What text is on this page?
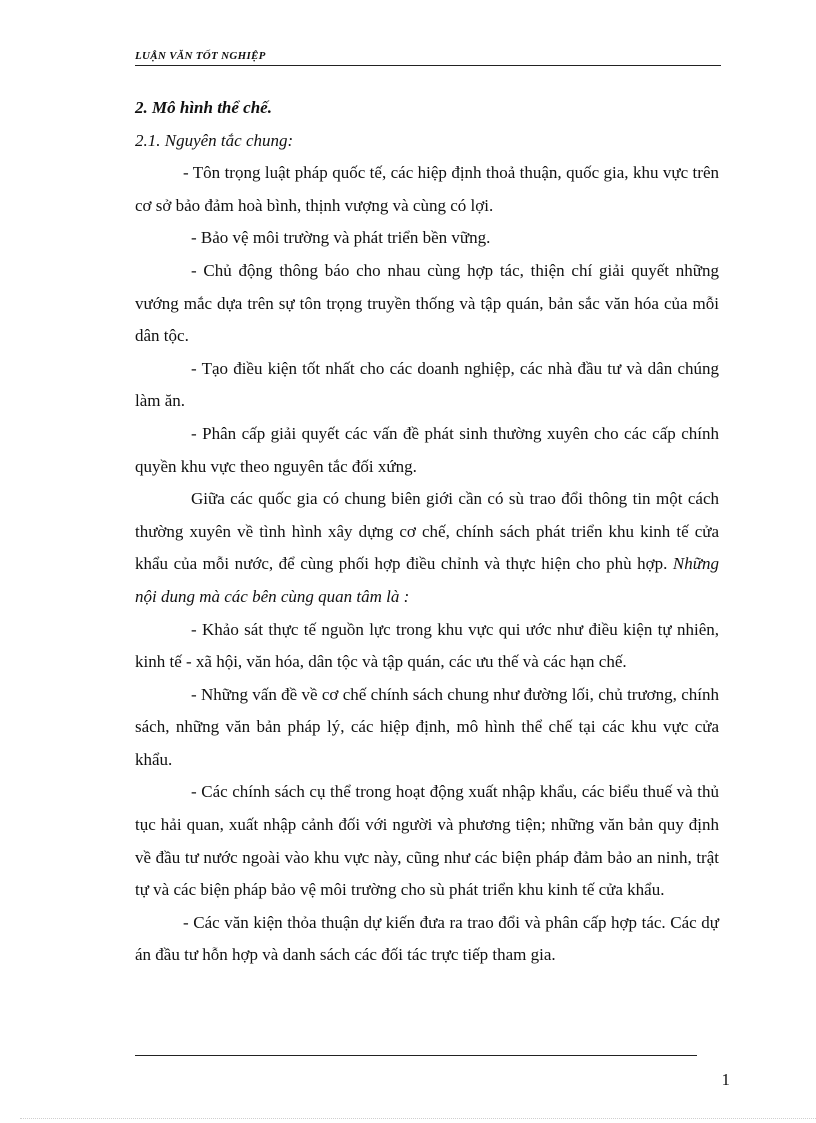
LUẬN VĂN TỐT NGHIỆP

2. Mô hình thể chế.

2.1. Nguyên tắc chung:

- Tôn trọng luật pháp quốc tế, các hiệp định thoả thuận, quốc gia, khu vực trên cơ sở bảo đảm hoà bình, thịnh vượng và cùng có lợi.

- Bảo vệ môi trường và phát triển bền vững.

- Chủ động thông báo cho nhau cùng hợp tác, thiện chí giải quyết những vướng mắc dựa trên sự tôn trọng truyền thống và tập quán, bản sắc văn hóa của mỗi dân tộc.

- Tạo điều kiện tốt nhất cho các doanh nghiệp, các nhà đầu tư và dân chúng làm ăn.

- Phân cấp giải quyết các vấn đề phát sinh thường xuyên cho các cấp chính quyền khu vực theo nguyên tắc đối xứng.

Giữa các quốc gia có chung biên giới cần có sù trao đổi thông tin một cách thường xuyên về tình hình xây dựng cơ chế, chính sách phát triển khu kinh tế cửa khẩu của mỗi nước, để cùng phối hợp điều chỉnh và thực hiện cho phù hợp. Những nội dung mà các bên cùng quan tâm là :

- Khảo sát thực tế nguồn lực trong khu vực qui ước như điều kiện tự nhiên, kinh tế - xã hội, văn hóa, dân tộc và tập quán, các ưu thế và các hạn chế.

- Những vấn đề về cơ chế chính sách chung như đường lối, chủ trương, chính sách, những văn bản pháp lý, các hiệp định, mô hình thể chế tại các khu vực cửa khẩu.

- Các chính sách cụ thể trong hoạt động xuất nhập khẩu, các biểu thuế và thủ tục hải quan, xuất nhập cảnh đối với người và phương tiện; những văn bản quy định về đầu tư nước ngoài vào khu vực này, cũng như các biện pháp đảm bảo an ninh, trật tự và các biện pháp bảo vệ môi trường cho sù phát triển khu kinh tế cửa khẩu.

- Các văn kiện thỏa thuận dự kiến đưa ra trao đổi và phân cấp hợp tác. Các dự án đầu tư hỗn hợp và danh sách các đối tác trực tiếp tham gia.

1
